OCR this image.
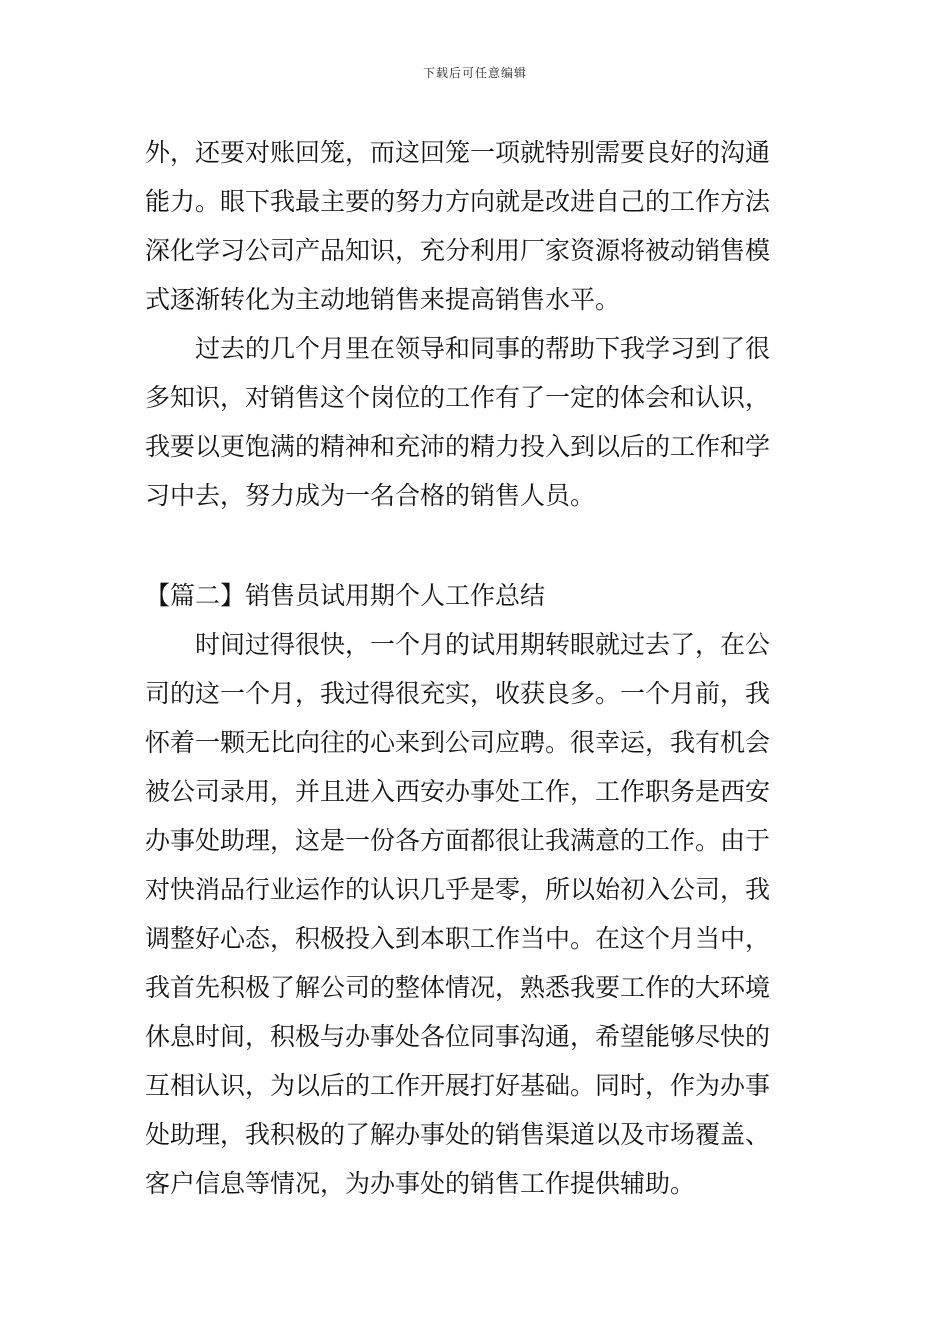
下载后可任意编辑
外，还要对账回笼，而这回笼一项就特别需要良好的沟通
能力。眼下我最主要的努力方向就是改进自己的工作方法
深化学习公司产品知识，充分利用厂家资源将被动销售模
式逐渐转化为主动地销售来提高销售水平。
过去的几个月里在领导和同事的帮助下我学习到了很
多知识，对销售这个岗位的工作有了一定的体会和认识，
我要以更饱满的精神和充沛的精力投入到以后的工作和学
习中去，努力成为一名合格的销售人员。
【篇二】销售员试用期个人工作总结
时间过得很快，一个月的试用期转眼就过去了，在公
司的这一个月，我过得很充实，收获良多。一个月前，我
怀着一颗无比向往的心来到公司应聘。很幸运，我有机会
被公司录用，并且进入西安办事处工作，工作职务是西安
办事处助理，这是一份各方面都很让我满意的工作。由于
对快消品行业运作的认识几乎是零，所以始初入公司，我
调整好心态，积极投入到本职工作当中。在这个月当中，
我首先积极了解公司的整体情况，熟悉我要工作的大环境
休息时间，积极与办事处各位同事沟通，希望能够尽快的
互相认识，为以后的工作开展打好基础。同时，作为办事
处助理，我积极的了解办事处的销售渠道以及市场覆盖、
客户信息等情况，为办事处的销售工作提供辅助。
